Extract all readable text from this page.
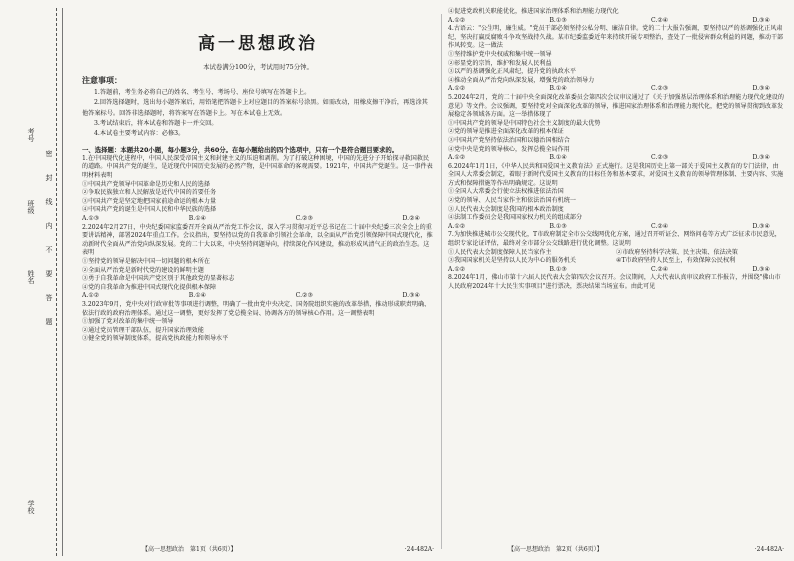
密　　封　　线　　内　　不　　要　　答　　题
考号
班级
姓名
学校
高一思想政治
本试卷满分100分，考试用时75分钟。
注意事项：

1.答题前，考生务必将自己的姓名、考生号、考场号、座位号填写在答题卡上。

2.回答选择题时，选出每小题答案后，用铅笔把答题卡上对应题目的答案标号涂黑。如需改动，用橡皮擦干净后，再选涂其他答案标号。回答非选择题时，将答案写在答题卡上。写在本试卷上无效。

3.考试结束后，将本试卷和答题卡一并交回。

4.本试卷主要考试内容：必修3。

一、选择题：本题共20小题，每小题3分，共60分。在每小题给出的四个选项中，只有一个是符合题目要求的。

1.在中国现代化进程中，中国人民深受帝国主义和封建主义的压迫和剥削。为了打破这种困境，中国的先进分子开始探寻救国救民的道路。中国共产党的诞生，是近现代中国历史发展的必然产物，是中国革命的客观需要。1921年，中国共产党诞生。这一事件表明材料表明

①中国共产党领导中国革命是历史和人民的选择

②争取民族独立和人民解放是近代中国的首要任务

③中国共产党是坚定地把国家前途命运的根本力量

④中国共产党的诞生是中国人民和中华民族的选择

A.①③	B.①④	C.②③	D.②④

2.2024年2月27日，中央纪委国家监委召开全面从严治党工作会议，深入学习贯彻习近平总书记在二十届中央纪委三次全会上的重要讲话精神，部署2024年重点工作。会议指出，要坚持以党的自我革命引领社会革命，以全面从严治党引领保障中国式现代化，推动新时代全面从严治党向纵深发展。党的二十大以来，中央坚持问题导向，持续深化作风建设，推动形成风清气正的政治生态。这表明

①坚持党的领导是解决中国一切问题的根本所在

②全面从严治党是新时代党的建设的鲜明主题

③勇于自我革命是中国共产党区别于其他政党的显著标志

④党的自我革命为推进中国式现代化提供根本保障

A.①②	B.①④	C.②③	D.③④

3.2023年9月，党中央对行政审批等事项进行调整，明确了一批由党中央决定、国务院组织实施的改革举措，推动形成职责明确、依法行政的政府治理体系。通过这一调整，更好发挥了党总揽全局、协调各方的领导核心作用。这一调整表明

①加强了党对改革的集中统一领导

②通过党员管理干部队伍，提升国家治理效能

③健全党的领导制度体系，提高党执政能力和领导水平

【高一思想政治　第1页（共6页）】	·24-482A·

④促进党政机关职能优化，推进国家治理体系和治理能力现代化

A.①②	B.①③	C.②④	D.③④

4.古语云："公生明，廉生威。"党员干部必须坚持公私分明、廉洁自律。党的二十大报告强调，要坚持以严的基调强化正风肃纪，坚决打赢反腐败斗争攻坚战持久战。某市纪委监委近年来持续开展专项整治，查处了一批侵害群众利益的问题，推动干部作风转变。这一做法

①坚持维护党中央权威和集中统一领导

②彰显党的宗旨，维护和发展人民利益

③以严的基调强化正风肃纪，提升党的执政水平

④推动全面从严治党向纵深发展，增强党的政治领导力

A.①②	B.①④	C.②③	D.③④

5.2024年2月，党的二十届中央全面深化改革委员会第四次会议审议通过了《关于加强基层治理体系和治理能力现代化建设的意见》等文件。会议强调，要坚持党对全面深化改革的领导，推进国家治理体系和治理能力现代化，把党的领导贯彻到改革发展稳定各领域各方面。这一举措体现了

①中国共产党的领导是中国特色社会主义制度的最大优势

②党的领导是推进全面深化改革的根本保证

③中国共产党坚持依法治国和以德治国相结合

④党中央是党的领导核心，发挥总揽全局作用

A.①②	B.①④	C.②③	D.③④

6.2024年1月1日，《中华人民共和国爱国主义教育法》正式施行。这是我国历史上第一部关于爱国主义教育的专门法律，由全国人大常委会制定，着眼于新时代爱国主义教育的目标任务和基本要求，对爱国主义教育的领导管理体制、主要内容、实施方式和保障措施等作出明确规定。这说明

①全国人大常委会行使立法权推进依法治国

②党的领导、人民当家作主和依法治国有机统一

③人民代表大会制度是我国的根本政治制度

④法制工作委员会是我国国家权力机关的组成部分

A.①②	B.①③	C.②④	D.③④

7.为加快推进城市公交现代化，T市政府制定全市公交线网优化方案，通过召开听证会、网络问卷等方式广泛征求市民意见，组织专家论证评估，最终对全市部分公交线路进行优化调整。这说明

①人民代表大会制度保障人民当家作主	②市政府坚持科学决策、民主决策、依法决策

③我国国家机关是坚持以人民为中心的服务机关	④T市政府坚持人民至上，有效保障公民权利

A.①②	B.①③	C.②④	D.③④

8.2024年1月，佛山市第十六届人民代表大会第四次会议召开。会议期间，人大代表认真审议政府工作报告，并围绕"佛山市人民政府2024年十大民生实事项目"进行票决，票决结果当场宣布。由此可见

【高一思想政治　第2页（共6页）】	·24-482A·
